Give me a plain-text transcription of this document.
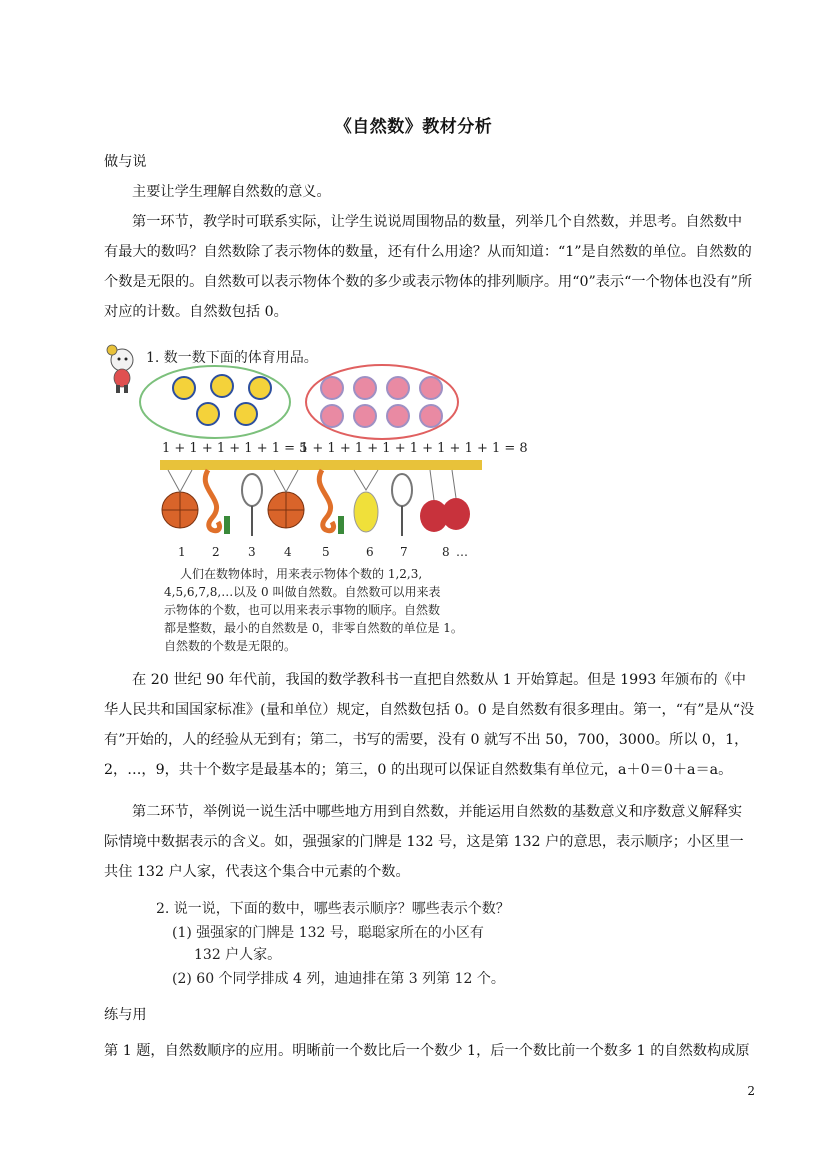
《自然数》教材分析

做与说

主要让学生理解自然数的意义。

第一环节，教学时可联系实际，让学生说说周围物品的数量，列举几个自然数，并思考。自然数中有最大的数吗？自然数除了表示物体的数量，还有什么用途？从而知道：“1”是自然数的单位。自然数的个数是无限的。自然数可以表示物体个数的多少或表示物体的排列顺序。用“0”表示“一个物体也没有”所对应的计数。自然数包括 0。

1. 数一数下面的体育用品。
1 + 1 + 1 + 1 + 1 = 5
1 + 1 + 1 + 1 + 1 + 1 + 1 + 1 = 8
1 2 3 4	5	6 7	8 …
人们在数物体时，用来表示物体个数的 1,2,3,
4,5,6,7,8,…以及 0 叫做自然数。自然数可以用来表
示物体的个数，也可以用来表示事物的顺序。自然数
都是整数，最小的自然数是 0，非零自然数的单位是 1。
自然数的个数是无限的。

在 20 世纪 90 年代前，我国的数学教科书一直把自然数从 1 开始算起。但是 1993 年颁布的《中华人民共和国国家标准》(量和单位）规定，自然数包括 0。0 是自然数有很多理由。第一，“有”是从“没有”开始的，人的经验从无到有；第二，书写的需要，没有 0 就写不出 50，700，3000。所以 0，1，2，…，9，共十个数字是最基本的；第三，0 的出现可以保证自然数集有单位元，a＋0＝0＋a＝a。

第二环节，举例说一说生活中哪些地方用到自然数，并能运用自然数的基数意义和序数意义解释实际情境中数据表示的含义。如，强强家的门牌是 132 号，这是第 132 户的意思，表示顺序；小区里一共住 132 户人家，代表这个集合中元素的个数。

2. 说一说，下面的数中，哪些表示顺序？哪些表示个数？
(1) 强强家的门牌是 132 号，聪聪家所在的小区有
132 户人家。
(2) 60 个同学排成 4 列，迪迪排在第 3 列第 12 个。

练与用

第 1 题，自然数顺序的应用。明晰前一个数比后一个数少 1，后一个数比前一个数多 1 的自然数构成原

2
